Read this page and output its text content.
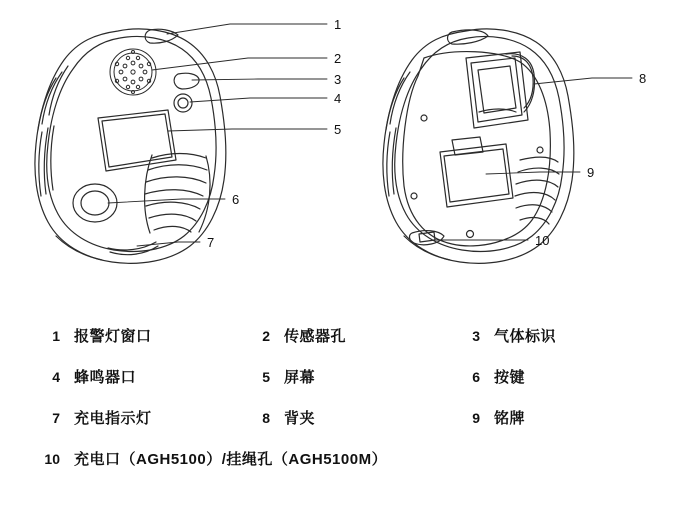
1
2
3
4
5
6
7
8
9
10
1 报警灯窗口	2 传感器孔	3 气体标识
4 蜂鸣器口	5 屏幕	6 按键
7 充电指示灯	8 背夹	9 铭牌
10 充电口（AGH5100）/挂绳孔（AGH5100M）
